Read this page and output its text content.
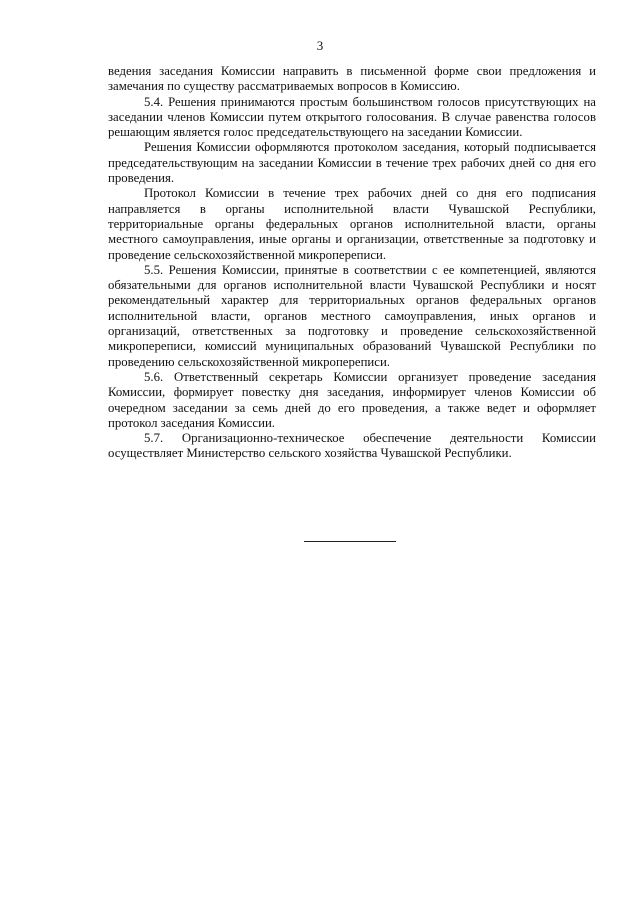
3

ведения заседания Комиссии направить в письменной форме свои предложения и замечания по существу рассматриваемых вопросов в Комиссию.

5.4. Решения принимаются простым большинством голосов присутствующих на заседании членов Комиссии путем открытого голосования. В случае равенства голосов решающим является голос председательствующего на заседании Комиссии.

Решения Комиссии оформляются протоколом заседания, который подписывается председательствующим на заседании Комиссии в течение трех рабочих дней со дня его проведения.

Протокол Комиссии в течение трех рабочих дней со дня его подписания направляется в органы исполнительной власти Чувашской Республики, территориальные органы федеральных органов исполнительной власти, органы местного самоуправления, иные органы и организации, ответственные за подготовку и проведение сельскохозяйственной микропереписи.

5.5. Решения Комиссии, принятые в соответствии с ее компетенцией, являются обязательными для органов исполнительной власти Чувашской Республики и носят рекомендательный характер для территориальных органов федеральных органов исполнительной власти, органов местного самоуправления, иных органов и организаций, ответственных за подготовку и проведение сельскохозяйственной микропереписи, комиссий муниципальных образований Чувашской Республики по проведению сельскохозяйственной микропереписи.

5.6. Ответственный секретарь Комиссии организует проведение заседания Комиссии, формирует повестку дня заседания, информирует членов Комиссии об очередном заседании за семь дней до его проведения, а также ведет и оформляет протокол заседания Комиссии.

5.7. Организационно-техническое обеспечение деятельности Комиссии осуществляет Министерство сельского хозяйства Чувашской Республики.
